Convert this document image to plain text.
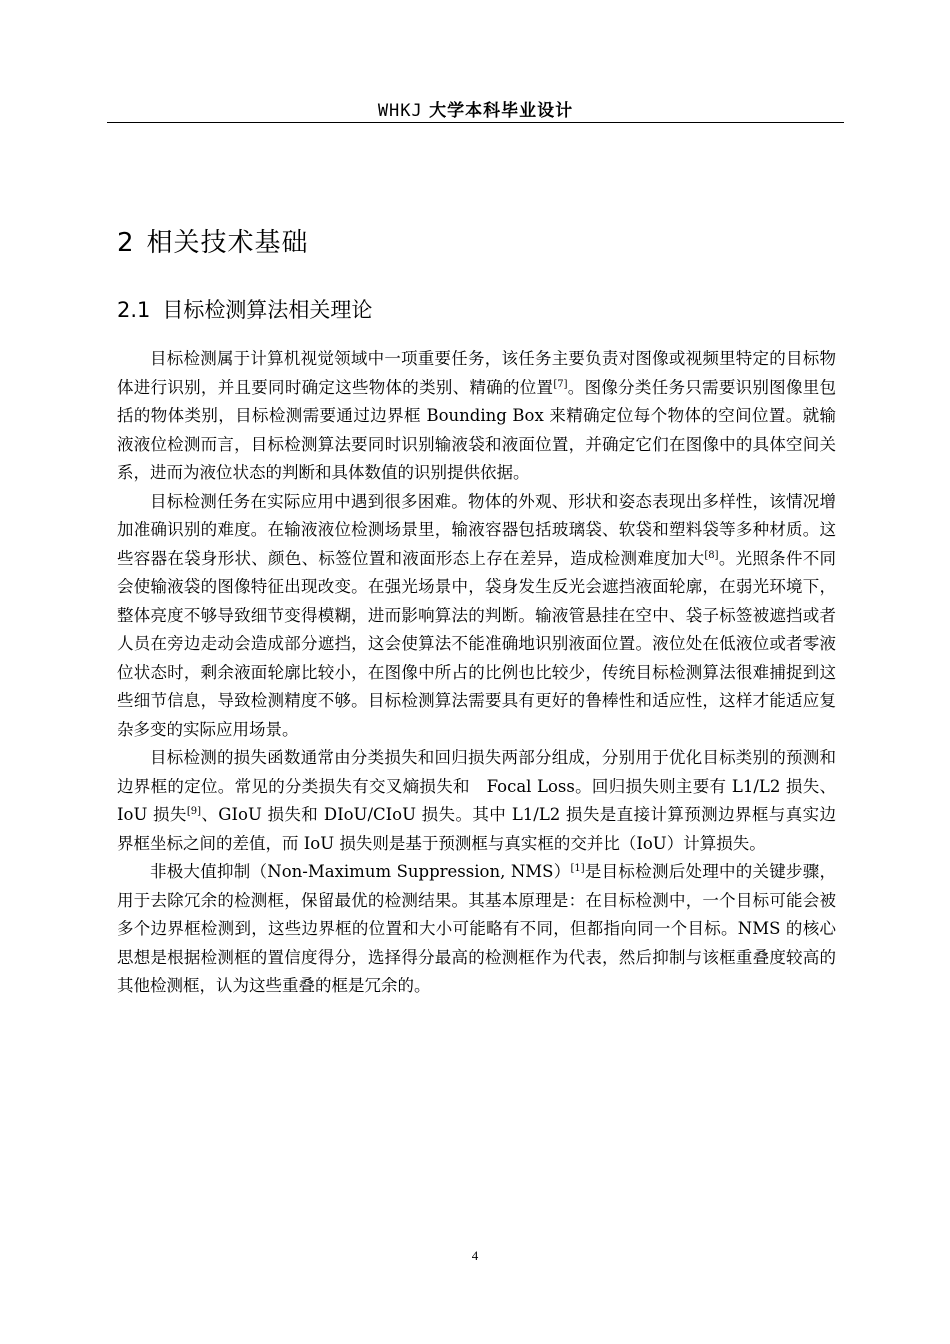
WHKJ 大学本科毕业设计
2 相关技术基础
2.1 目标检测算法相关理论

目标检测属于计算机视觉领域中一项重要任务，该任务主要负责对图像或视频里特定的目标物体进行识别，并且要同时确定这些物体的类别、精确的位置[7]。图像分类任务只需要识别图像里包括的物体类别，目标检测需要通过边界框 Bounding Box 来精确定位每个物体的空间位置。就输液液位检测而言，目标检测算法要同时识别输液袋和液面位置，并确定它们在图像中的具体空间关系，进而为液位状态的判断和具体数值的识别提供依据。

目标检测任务在实际应用中遇到很多困难。物体的外观、形状和姿态表现出多样性，该情况增加准确识别的难度。在输液液位检测场景里，输液容器包括玻璃袋、软袋和塑料袋等多种材质。这些容器在袋身形状、颜色、标签位置和液面形态上存在差异，造成检测难度加大[8]。光照条件不同会使输液袋的图像特征出现改变。在强光场景中，袋身发生反光会遮挡液面轮廓，在弱光环境下，整体亮度不够导致细节变得模糊，进而影响算法的判断。输液管悬挂在空中、袋子标签被遮挡或者人员在旁边走动会造成部分遮挡，这会使算法不能准确地识别液面位置。液位处在低液位或者零液位状态时，剩余液面轮廓比较小，在图像中所占的比例也比较少，传统目标检测算法很难捕捉到这些细节信息，导致检测精度不够。目标检测算法需要具有更好的鲁棒性和适应性，这样才能适应复杂多变的实际应用场景。

目标检测的损失函数通常由分类损失和回归损失两部分组成，分别用于优化目标类别的预测和边界框的定位。常见的分类损失有交叉熵损失和　Focal Loss。回归损失则主要有 L1/L2 损失、IoU 损失[9]、GIoU 损失和 DIoU/CIoU 损失。其中 L1/L2 损失是直接计算预测边界框与真实边界框坐标之间的差值，而 IoU 损失则是基于预测框与真实框的交并比（IoU）计算损失。

非极大值抑制（Non-Maximum Suppression, NMS）[1]是目标检测后处理中的关键步骤，用于去除冗余的检测框，保留最优的检测结果。其基本原理是：在目标检测中，一个目标可能会被多个边界框检测到，这些边界框的位置和大小可能略有不同，但都指向同一个目标。NMS 的核心思想是根据检测框的置信度得分，选择得分最高的检测框作为代表，然后抑制与该框重叠度较高的其他检测框，认为这些重叠的框是冗余的。

4
